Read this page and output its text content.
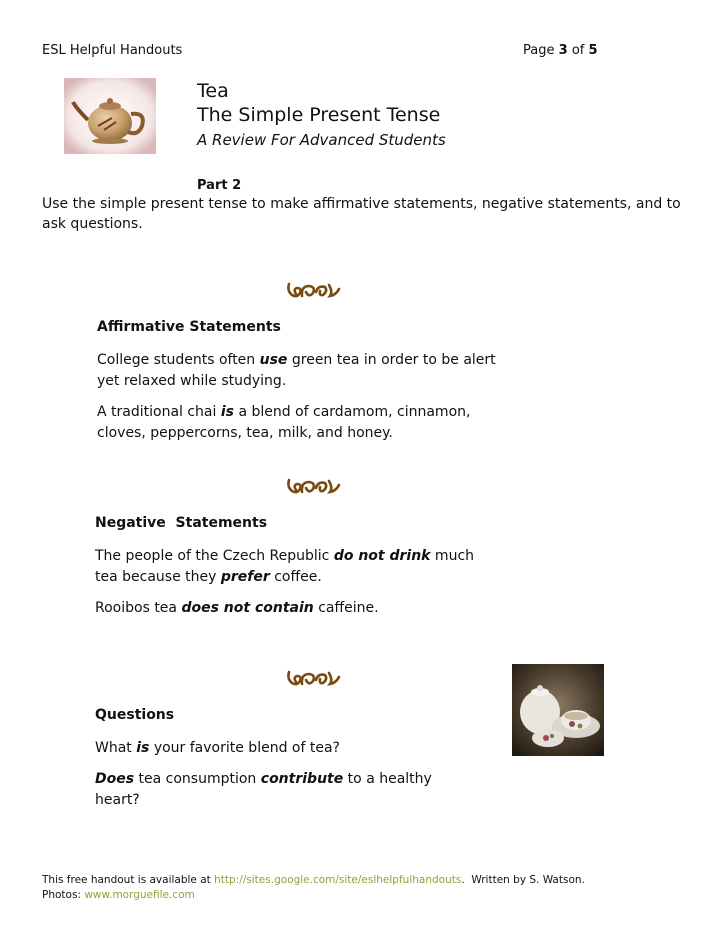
ESL Helpful Handouts	Page 3 of 5
Tea
The Simple Present Tense
A Review For Advanced Students
Part 2
Use the simple present tense to make affirmative statements, negative statements, and to ask questions.
Affirmative Statements
College students often use green tea in order to be alert yet relaxed while studying.
A traditional chai is a blend of cardamom, cinnamon, cloves, peppercorns, tea, milk, and honey.
Negative  Statements
The people of the Czech Republic do not drink much tea because they prefer coffee.
Rooibos tea does not contain caffeine.
Questions
What is your favorite blend of tea?
Does tea consumption contribute to a healthy heart?
This free handout is available at http://sites.google.com/site/eslhelpfulhandouts.  Written by S. Watson.
Photos: www.morguefile.com
